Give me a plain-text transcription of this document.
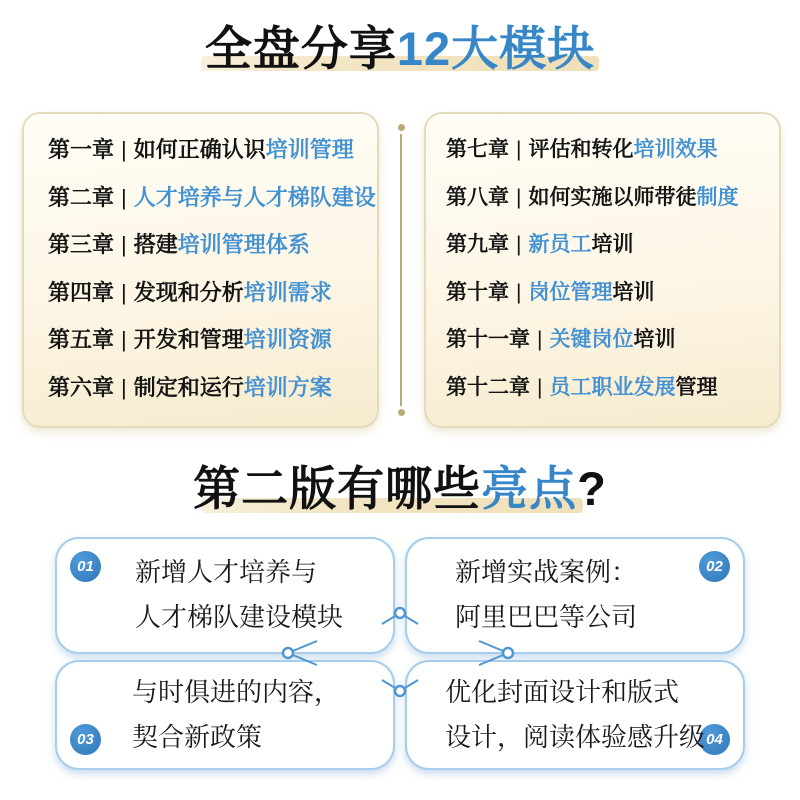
全盘分享12大模块
第一章 | 如何正确认识培训管理
第二章 | 人才培养与人才梯队建设
第三章 | 搭建培训管理体系
第四章 | 发现和分析培训需求
第五章 | 开发和管理培训资源
第六章 | 制定和运行培训方案
第七章 | 评估和转化培训效果
第八章 | 如何实施以师带徒制度
第九章 | 新员工培训
第十章 | 岗位管理培训
第十一章 | 关键岗位培训
第十二章 | 员工职业发展管理
第二版有哪些亮点?
01 新增人才培养与
人才梯队建设模块
02
新增实战案例：
阿里巴巴等公司
03
与时俱进的内容，
契合新政策	04
优化封面设计和版式
设计，阅读体验感升级
